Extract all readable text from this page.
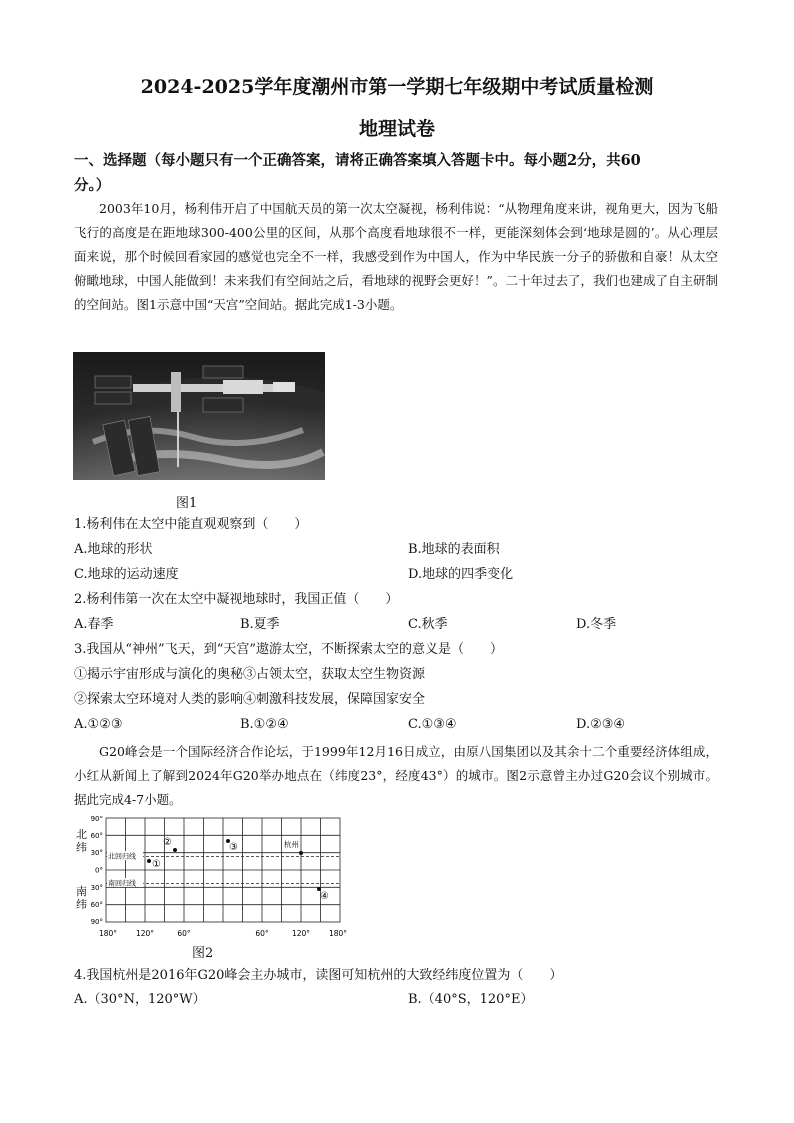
2024-2025学年度潮州市第一学期七年级期中考试质量检测
地理试卷
一、选择题（每小题只有一个正确答案，请将正确答案填入答题卡中。每小题2分，共60
分。）
2003年10月，杨利伟开启了中国航天员的第一次太空凝视，杨利伟说：“从物理角度来讲，视角更大，因为飞船飞行的高度是在距地球300-400公里的区间，从那个高度看地球很不一样，更能深刻体会到‘地球是圆的’。从心理层面来说，那个时候回看家园的感觉也完全不一样，我感受到作为中国人，作为中华民族一分子的骄傲和自豪！从太空俯瞰地球，中国人能做到！未来我们有空间站之后，看地球的视野会更好！”。二十年过去了，我们也建成了自主研制的空间站。图1示意中国“天宫”空间站。据此完成1-3小题。
图1
1.杨利伟在太空中能直观观察到（　　）
A.地球的形状	B.地球的表面积
C.地球的运动速度	D.地球的四季变化
2.杨利伟第一次在太空中凝视地球时，我国正值（　　）
A.春季	B.夏季	C.秋季	D.冬季
3.我国从“神州”飞天，到“天宫”遨游太空，不断探索太空的意义是（　　）
①揭示宇宙形成与演化的奥秘③占领太空，获取太空生物资源
②探索太空环境对人类的影响④刺激科技发展，保障国家安全
A.①②③	B.①②④	C.①③④	D.②③④
G20峰会是一个国际经济合作论坛，于1999年12月16日成立，由原八国集团以及其余十二个重要经济体组成，小红从新闻上了解到2024年G20举办地点在（纬度23°，经度43°）的城市。图2示意曾主办过G20会议个别城市。据此完成4-7小题。
北回归线
南回归线
90°
60°
30°
0°
30°
60°
90°
北
纬
南
纬
180°	120°	60°	60°	120°	180°
①
②	③
④
杭州
图2
4.我国杭州是2016年G20峰会主办城市，读图可知杭州的大致经纬度位置为（　　）
A.（30°N，120°W）	B.（40°S，120°E）
